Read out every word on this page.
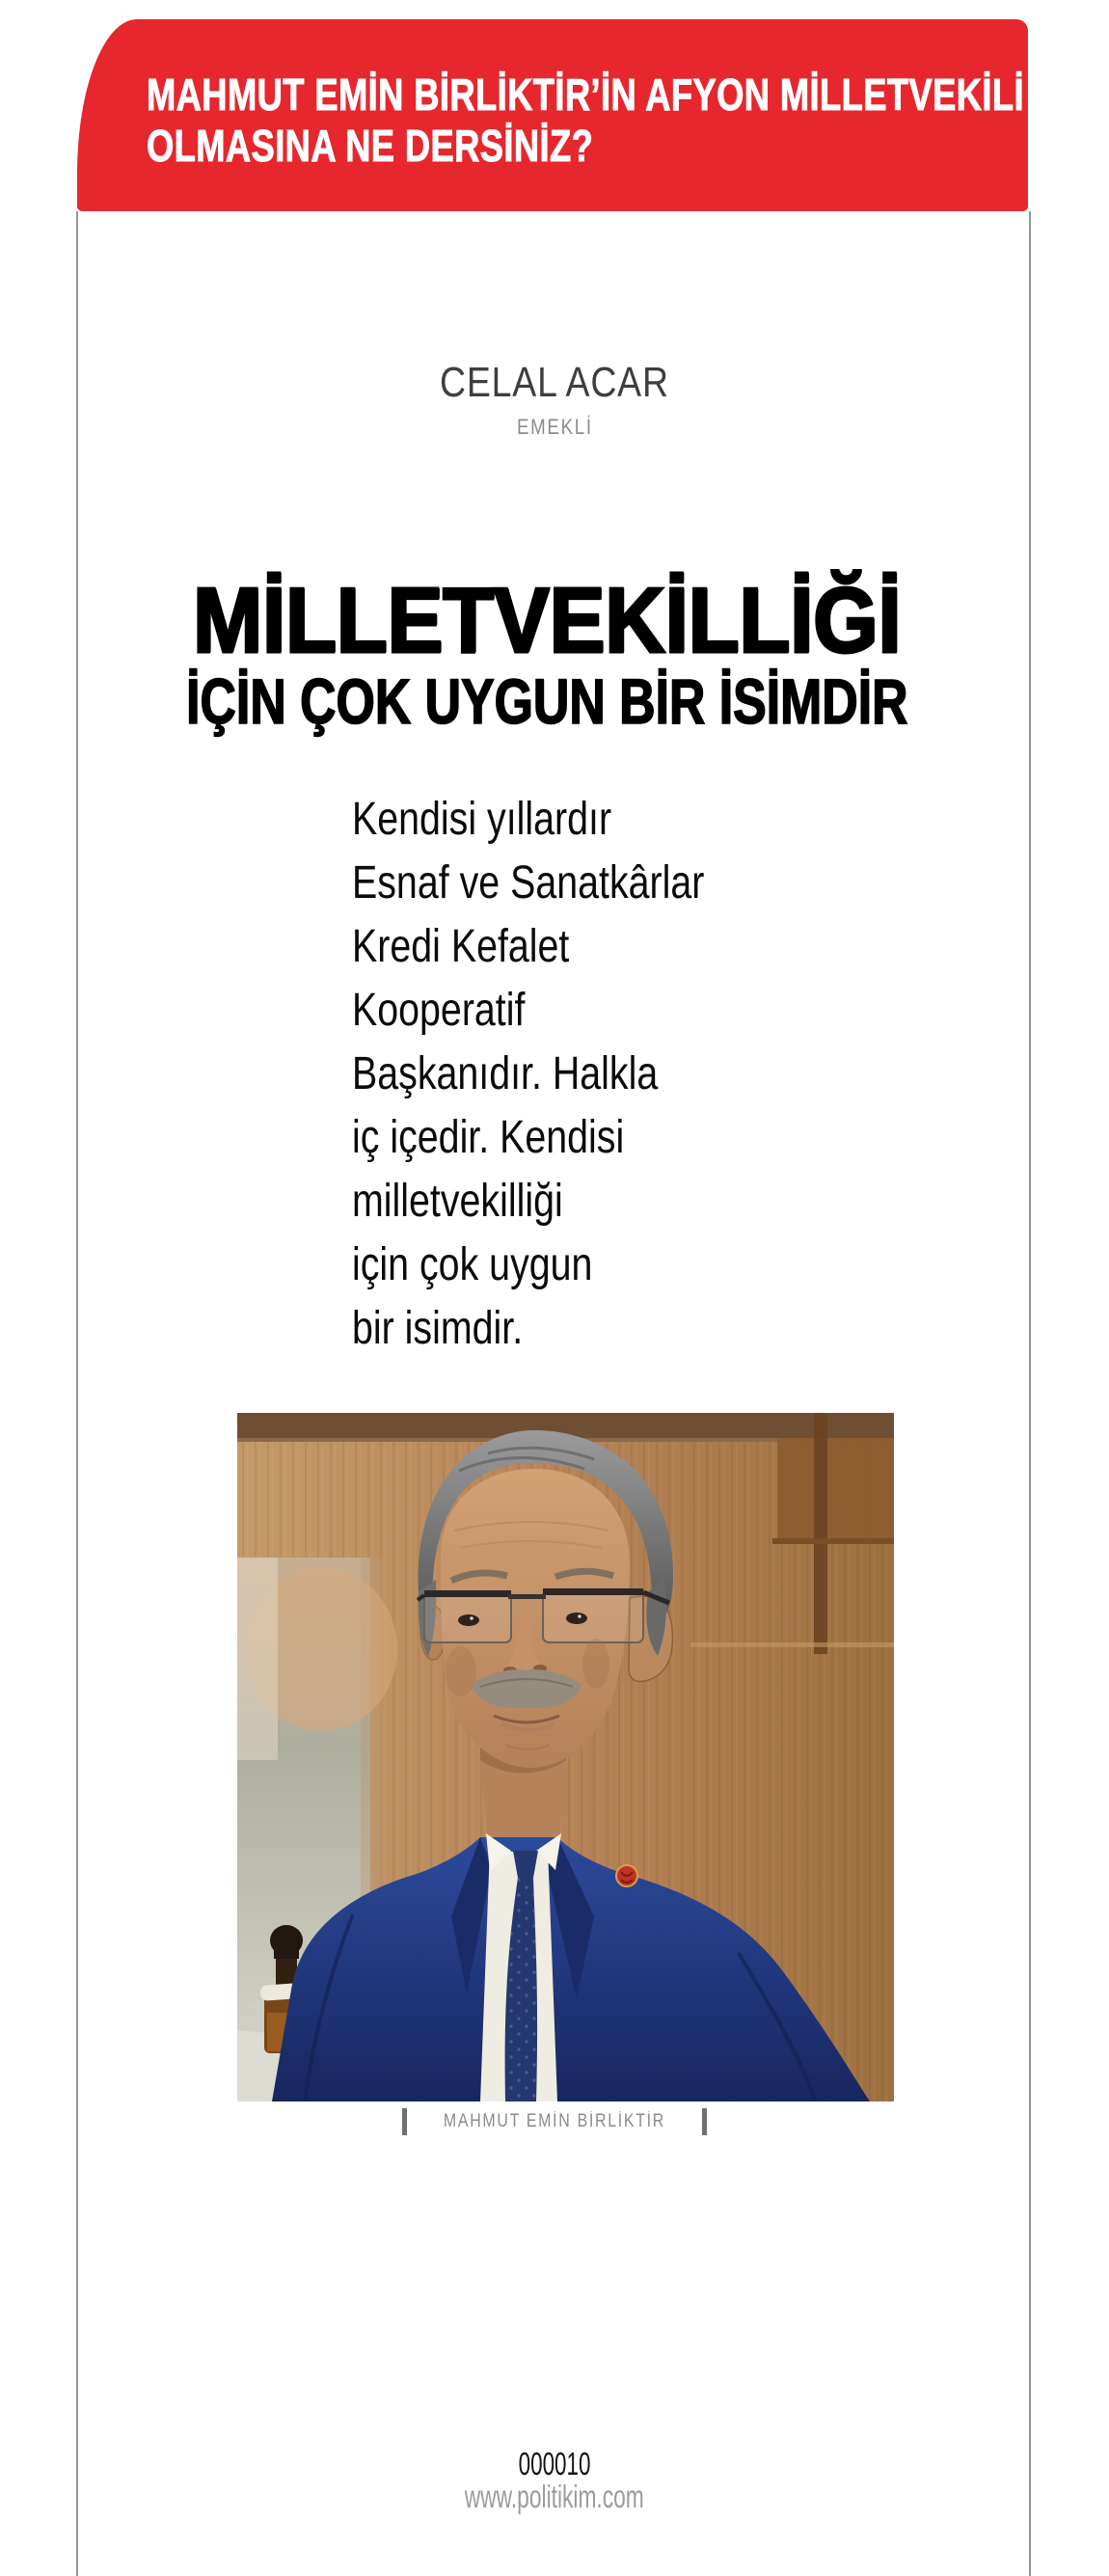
MAHMUT EMİN BİRLİKTİR’İN AFYON MİLLETVEKİLİ
OLMASINA NE DERSİNİZ?
CELAL ACAR
EMEKLİ
MİLLETVEKİLLİĞİ
İÇİN ÇOK UYGUN BİR İSİMDİR
Kendisi yıllardır
Esnaf ve Sanatkârlar
Kredi Kefalet
Kooperatif
Başkanıdır. Halkla
iç içedir. Kendisi
milletvekilliği
için çok uygun
bir isimdir.
MAHMUT EMİN BİRLİKTİR
000010
www.politikim.com
